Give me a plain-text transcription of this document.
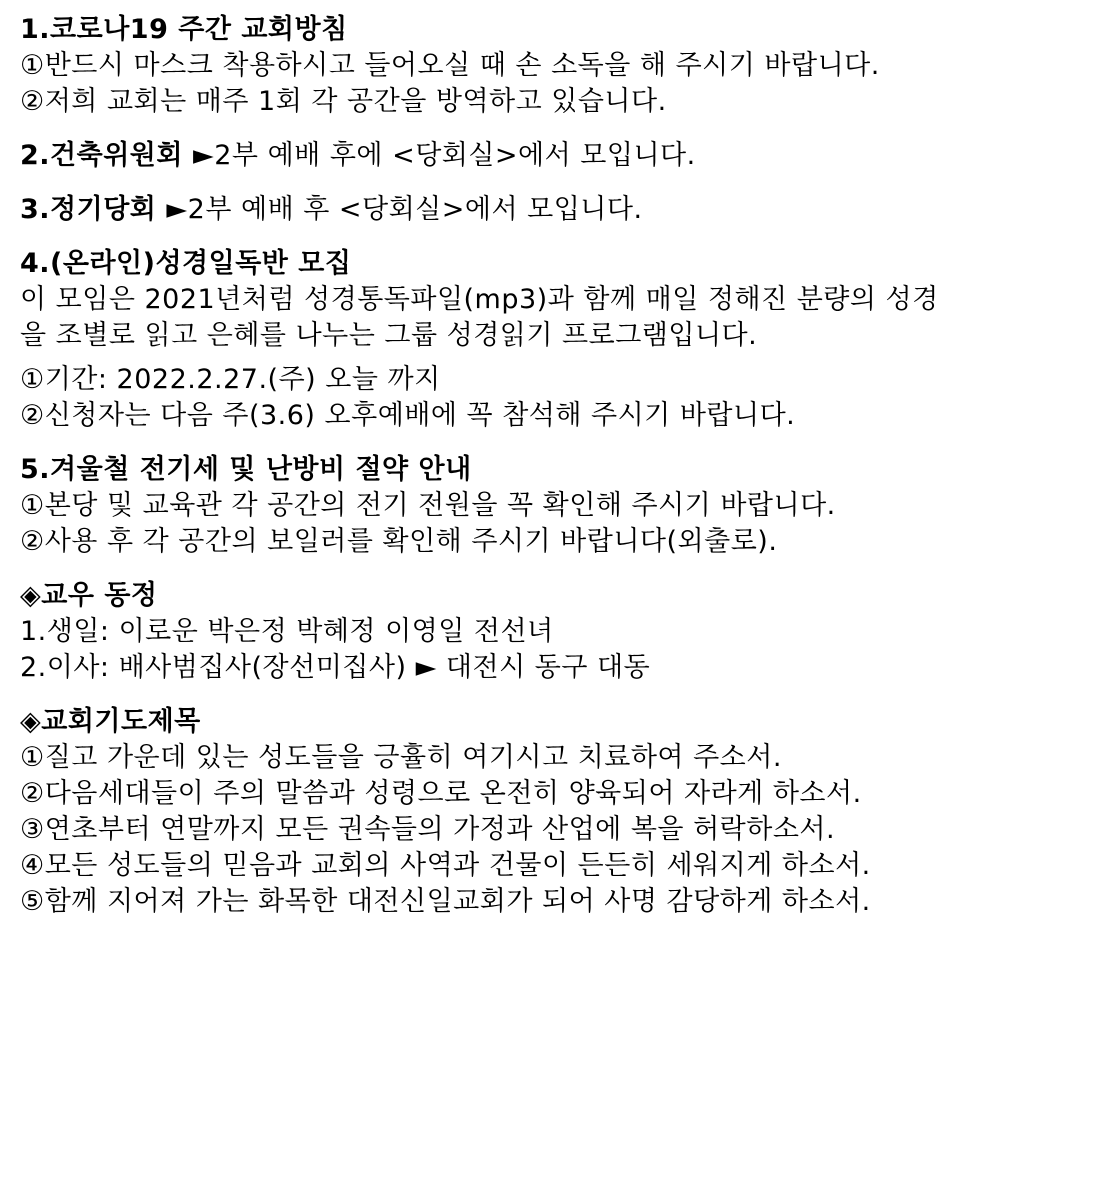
1.코로나19 주간 교회방침
①반드시 마스크 착용하시고 들어오실 때 손 소독을 해 주시기 바랍니다.
②저희 교회는 매주 1회 각 공간을 방역하고 있습니다.
2.건축위원회 ►2부 예배 후에 <당회실>에서 모입니다.
3.정기당회 ►2부 예배 후 <당회실>에서 모입니다.
4.(온라인)성경일독반 모집
이 모임은 2021년처럼 성경통독파일(mp3)과 함께 매일 정해진 분량의 성경
을 조별로 읽고 은혜를 나누는 그룹 성경읽기 프로그램입니다.
①기간: 2022.2.27.(주) 오늘 까지
②신청자는 다음 주(3.6) 오후예배에 꼭 참석해 주시기 바랍니다.
5.겨울철 전기세 및 난방비 절약 안내
①본당 및 교육관 각 공간의 전기 전원을 꼭 확인해 주시기 바랍니다.
②사용 후 각 공간의 보일러를 확인해 주시기 바랍니다(외출로).
◈교우 동정
1.생일: 이로운 박은정 박혜정 이영일 전선녀
2.이사: 배사범집사(장선미집사) ► 대전시 동구 대동
◈교회기도제목
①질고 가운데 있는 성도들을 긍휼히 여기시고 치료하여 주소서.
②다음세대들이 주의 말씀과 성령으로 온전히 양육되어 자라게 하소서.
③연초부터 연말까지 모든 권속들의 가정과 산업에 복을 허락하소서.
④모든 성도들의 믿음과 교회의 사역과 건물이 든든히 세워지게 하소서.
⑤함께 지어져 가는 화목한 대전신일교회가 되어 사명 감당하게 하소서.
